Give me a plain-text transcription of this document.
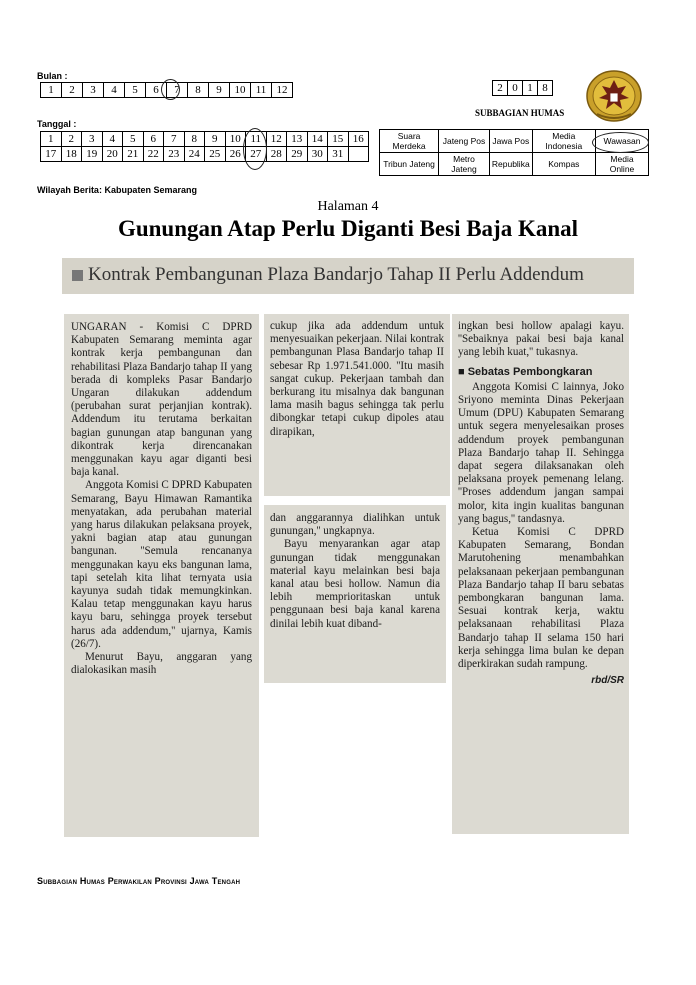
Bulan :
1	2	3	4	5	6	7	8	9	10	11	12	2	0	1	8
SUBBAGIAN HUMAS
Tanggal :
1	2	3	4	5	6	7	8	9	10	11	12	13	14	15	16
17	18	19	20	21	22	23	24	25	26	27	28	29	30	31	
Suara Merdeka	Jateng Pos	Jawa Pos	Media Indonesia	Wawasan
Tribun Jateng	Metro Jateng	Republika	Kompas	Media Online
Wilayah Berita: Kabupaten Semarang
Halaman 4
Gunungan Atap Perlu Diganti Besi Baja Kanal
Kontrak Pembangunan Plaza Bandarjo Tahap II Perlu Addendum

UNGARAN - Komisi C DPRD Kabupaten Semarang meminta agar kontrak kerja pembangunan dan rehabilitasi Plaza Bandarjo tahap II yang berada di kompleks Pasar Bandarjo Ungaran dilakukan addendum (perubahan surat perjanjian kontrak). Addendum itu terutama berkaitan bagian gunungan atap bangunan yang dikontrak kerja direncanakan menggunakan kayu agar diganti besi baja kanal.

Anggota Komisi C DPRD Kabupaten Semarang, Bayu Himawan Ramantika menyatakan, ada perubahan material yang harus dilakukan pelaksana proyek, yakni bagian atap atau gunungan bangunan. ''Semula rencananya menggunakan kayu eks bangunan lama, tapi setelah kita lihat ternyata usia kayunya sudah tidak memungkinkan. Kalau tetap menggunakan kayu harus kayu baru, sehingga proyek tersebut harus ada addendum,'' ujarnya, Kamis (26/7).

Menurut Bayu, anggaran yang dialokasikan masih

cukup jika ada addendum untuk menyesuaikan pekerjaan. Nilai kontrak pembangunan Plasa Bandarjo tahap II sebesar Rp 1.971.541.000. ''Itu masih sangat cukup. Pekerjaan tambah dan berkurang itu misalnya dak bangunan lama masih bagus sehingga tak perlu dibongkar tetapi cukup dipoles atau dirapikan,

dan anggarannya dialihkan untuk gunungan,'' ungkapnya.

Bayu menyarankan agar atap gunungan tidak menggunakan material kayu melainkan besi baja kanal atau besi hollow. Namun dia lebih memprioritaskan untuk penggunaan besi baja kanal karena dinilai lebih kuat diband-

ingkan besi hollow apalagi kayu. ''Sebaiknya pakai besi baja kanal yang lebih kuat,'' tukasnya.

■ Sebatas Pembongkaran

Anggota Komisi C lainnya, Joko Sriyono meminta Dinas Pekerjaan Umum (DPU) Kabupaten Semarang untuk segera menyelesaikan proses addendum proyek pembangunan Plaza Bandarjo tahap II. Sehingga dapat segera dilaksanakan oleh pelaksana proyek pemenang lelang. ''Proses addendum jangan sampai molor, kita ingin kualitas bangunan yang bagus,'' tandasnya.

Ketua Komisi C DPRD Kabupaten Semarang, Bondan Marutohening menambahkan pelaksanaan pekerjaan pembangunan Plaza Bandarjo tahap II baru sebatas pembongkaran bangunan lama. Sesuai kontrak kerja, waktu pelaksanaan rehabilitasi Plaza Bandarjo tahap II selama 150 hari kerja sehingga lima bulan ke depan diperkirakan sudah rampung.

rbd/SR
Subbagian Humas Perwakilan Provinsi Jawa Tengah
